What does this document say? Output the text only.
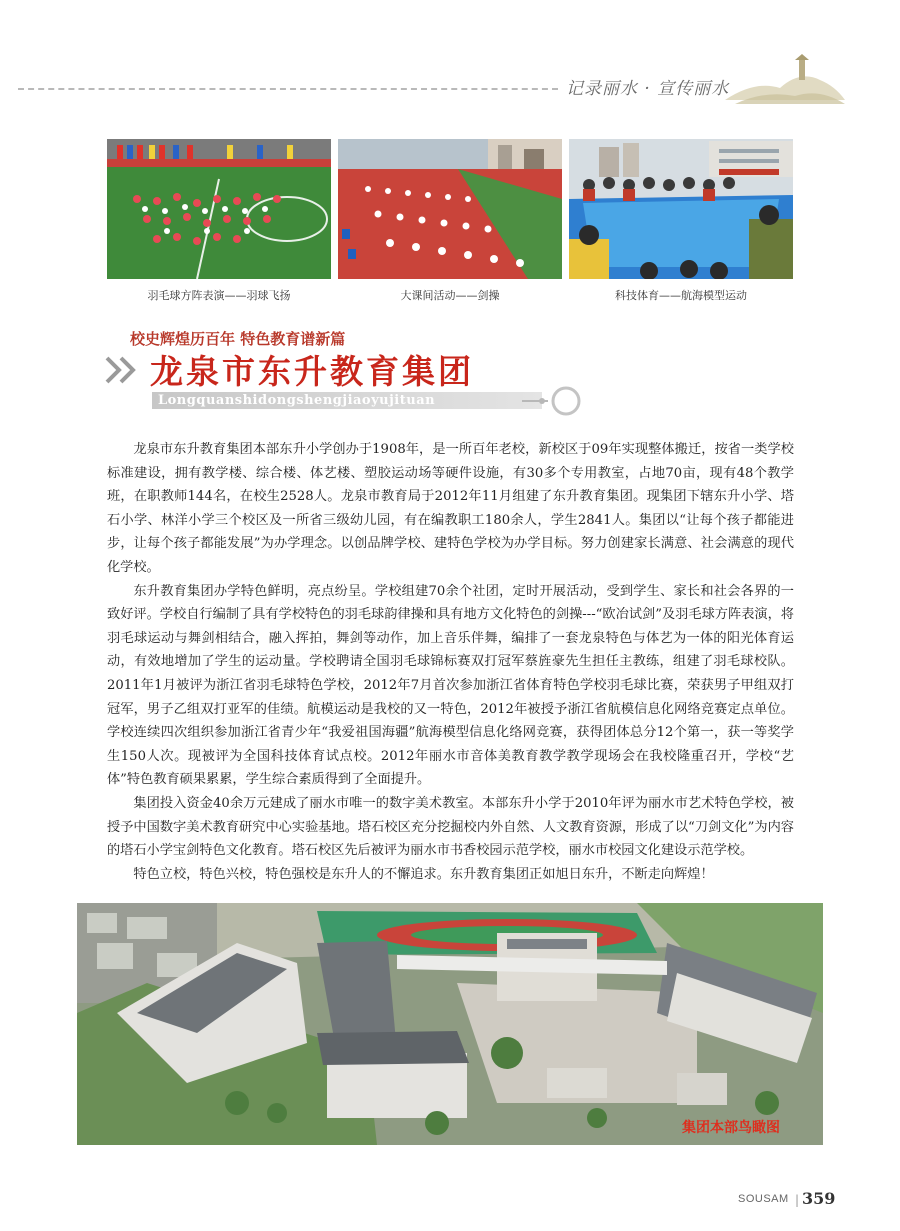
记录丽水 · 宣传丽水
羽毛球方阵表演——羽球飞扬	大课间活动——剑操	科技体育——航海模型运动
校史辉煌历百年 特色教育谱新篇
龙泉市东升教育集团
Longquanshidongshengjiaoyujituan

龙泉市东升教育集团本部东升小学创办于1908年，是一所百年老校，新校区于09年实现整体搬迁，按省一类学校标准建设，拥有教学楼、综合楼、体艺楼、塑胶运动场等硬件设施，有30多个专用教室，占地70亩，现有48个教学班，在职教师144名，在校生2528人。龙泉市教育局于2012年11月组建了东升教育集团。现集团下辖东升小学、塔石小学、林洋小学三个校区及一所省三级幼儿园，有在编教职工180余人，学生2841人。集团以“让每个孩子都能进步，让每个孩子都能发展”为办学理念。以创品牌学校、建特色学校为办学目标。努力创建家长满意、社会满意的现代化学校。

东升教育集团办学特色鲜明，亮点纷呈。学校组建70余个社团，定时开展活动，受到学生、家长和社会各界的一致好评。学校自行编制了具有学校特色的羽毛球韵律操和具有地方文化特色的剑操---“欧冶试剑”及羽毛球方阵表演，将羽毛球运动与舞剑相结合，融入挥拍，舞剑等动作，加上音乐伴舞，编排了一套龙泉特色与体艺为一体的阳光体育运动，有效地增加了学生的运动量。学校聘请全国羽毛球锦标赛双打冠军蔡旌豪先生担任主教练，组建了羽毛球校队。2011年1月被评为浙江省羽毛球特色学校，2012年7月首次参加浙江省体育特色学校羽毛球比赛，荣获男子甲组双打冠军，男子乙组双打亚军的佳绩。航模运动是我校的又一特色，2012年被授予浙江省航模信息化网络竞赛定点单位。学校连续四次组织参加浙江省青少年“我爱祖国海疆”航海模型信息化络网竞赛，获得团体总分12个第一，获一等奖学生150人次。现被评为全国科技体育试点校。2012年丽水市音体美教育教学教学现场会在我校隆重召开，学校“艺体”特色教育硕果累累，学生综合素质得到了全面提升。

集团投入资金40余万元建成了丽水市唯一的数字美术教室。本部东升小学于2010年评为丽水市艺术特色学校，被授予中国数字美术教育研究中心实验基地。塔石校区充分挖掘校内外自然、人文教育资源，形成了以“刀剑文化”为内容的塔石小学宝剑特色文化教育。塔石校区先后被评为丽水市书香校园示范学校，丽水市校园文化建设示范学校。

特色立校，特色兴校，特色强校是东升人的不懈追求。东升教育集团正如旭日东升，不断走向辉煌！

集团本部鸟瞰图
SOUSAM | 359
